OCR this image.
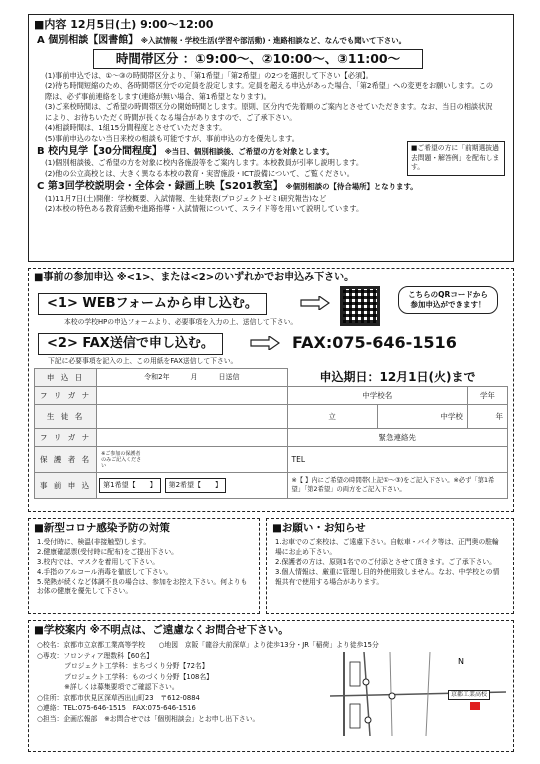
■内容 12月5日(土) 9:00～12:00
A 個別相談【図書館】 ※入試情報・学校生活(学習や部活動)・進路相談など、なんでも聞いて下さい。
時間帯区分 ：①9:00～、②10:00～、③11:00～
(1)事前申込では、①～③の時間帯区分より、「第1希望」「第2希望」の2つを選択して下さい【必須】。
(2)待ち時間短縮のため、各時間帯区分での定員を設定します。定員を超える申込があった場合、「第2希望」への変更をお願いします。この際は、必ず事前連絡をします(連絡が無い場合、第1希望となります)。
(3)ご来校時間は、ご希望の時間帯区分の開始時間とします。原則、区分内で先着順のご案内とさせていただきます。なお、当日の相談状況により、お待ちいただく時間が長くなる場合がありますので、ご了承下さい。
(4)相談時間は、1組15分間程度とさせていただきます。
(5)事前申込のない当日来校の相談も可能ですが、事前申込の方を優先します。
■ご希望の方に「前期選抜過去問題・解答例」を配布します。
B 校内見学【30分間程度】 ※当日、個別相談後、ご希望の方を対象とします。
(1)個別相談後、ご希望の方を対象に校内各施設等をご案内します。本校教員が引率し説明します。
(2)他の公立高校とは、大きく異なる本校の教育・実習施設・ICT設備について、ご覧ください。
C 第3回学校説明会・全体会・録画上映【S201教室】 ※個別相談の【待合場所】となります。
(1)11月7日(土)開催：学校概要、入試情報、生徒発表(プロジェクトゼミⅠ研究報告)など
(2)本校の特色ある教育活動や進路指導・入試情報について、スライド等を用いて説明しています。
■事前の参加申込 ※<1>、または<2>のいずれかでお申込み下さい。
<1> WEBフォームから申し込む。
こちらのQRコードから参加申込ができます！
本校の学校HPの申込フォームより、必要事項を入力の上、送信して下さい。
<2> FAX送信で申し込む。	FAX:075-646-1516
下記に必要事項を記入の上、この用紙をFAX送信して下さい。
申 込 日	令和2年　　　月　　　日送信	申込期日：12月1日(火)まで		
フ リ ガ ナ		中学校名		学年
生 徒 名		立	中学校	年
フ リ ガ ナ		緊急連絡先		
保 護 者 名	※ご参加の保護者のみご記入ください	TEL		
事 前 申 込	第1希望【　　】 第2希望【　　】	※【 】内にご希望の時間帯(上記①～③)をご記入下さい。※必ず「第1希望」「第2希望」の両方をご記入下さい。		
■新型コロナ感染予防の対策
1.受付時に、検温(非接触型)します。
2.健康確認票(受付時に配布)をご提出下さい。
3.校内では、マスクを着用して下さい。
4.手指のアルコール消毒を徹底して下さい。
5.発熱が続くなど体調不良の場合は、参加をお控え下さい。何よりもお体の健康を優先して下さい。
■お願い・お知らせ
1.お車でのご来校は、ご遠慮下さい。自転車・バイク等は、正門奥の駐輪場にお止め下さい。
2.保護者の方は、原則1名でのご付添とさせて頂きます。ご了承下さい。
3.個人情報は、厳重に管理し目的外使用致しません。なお、中学校との情報共有で使用する場合があります。
■学校案内 ※不明点は、ご遠慮なくお問合せ下さい。
○校名：京都市立京都工業高等学校　　○地図　京阪「龍谷大前深草」より徒歩13分・JR「稲荷」より徒歩15分
○専攻：フロンティア理数科【60名】
　　　　プロジェクト工学科：まちづくり分野【72名】
　　　　プロジェクト工学科：ものづくり分野【108名】
　　　　※詳しくは募集要項でご確認下さい。
○住所：京都市伏見区深草西出山町23　〒612-0884
○連絡：TEL:075-646-1515　FAX:075-646-1516
○担当：企画広報部　※お問合せでは「個別相談会」とお申し出下さい。
N
京都工業高校
